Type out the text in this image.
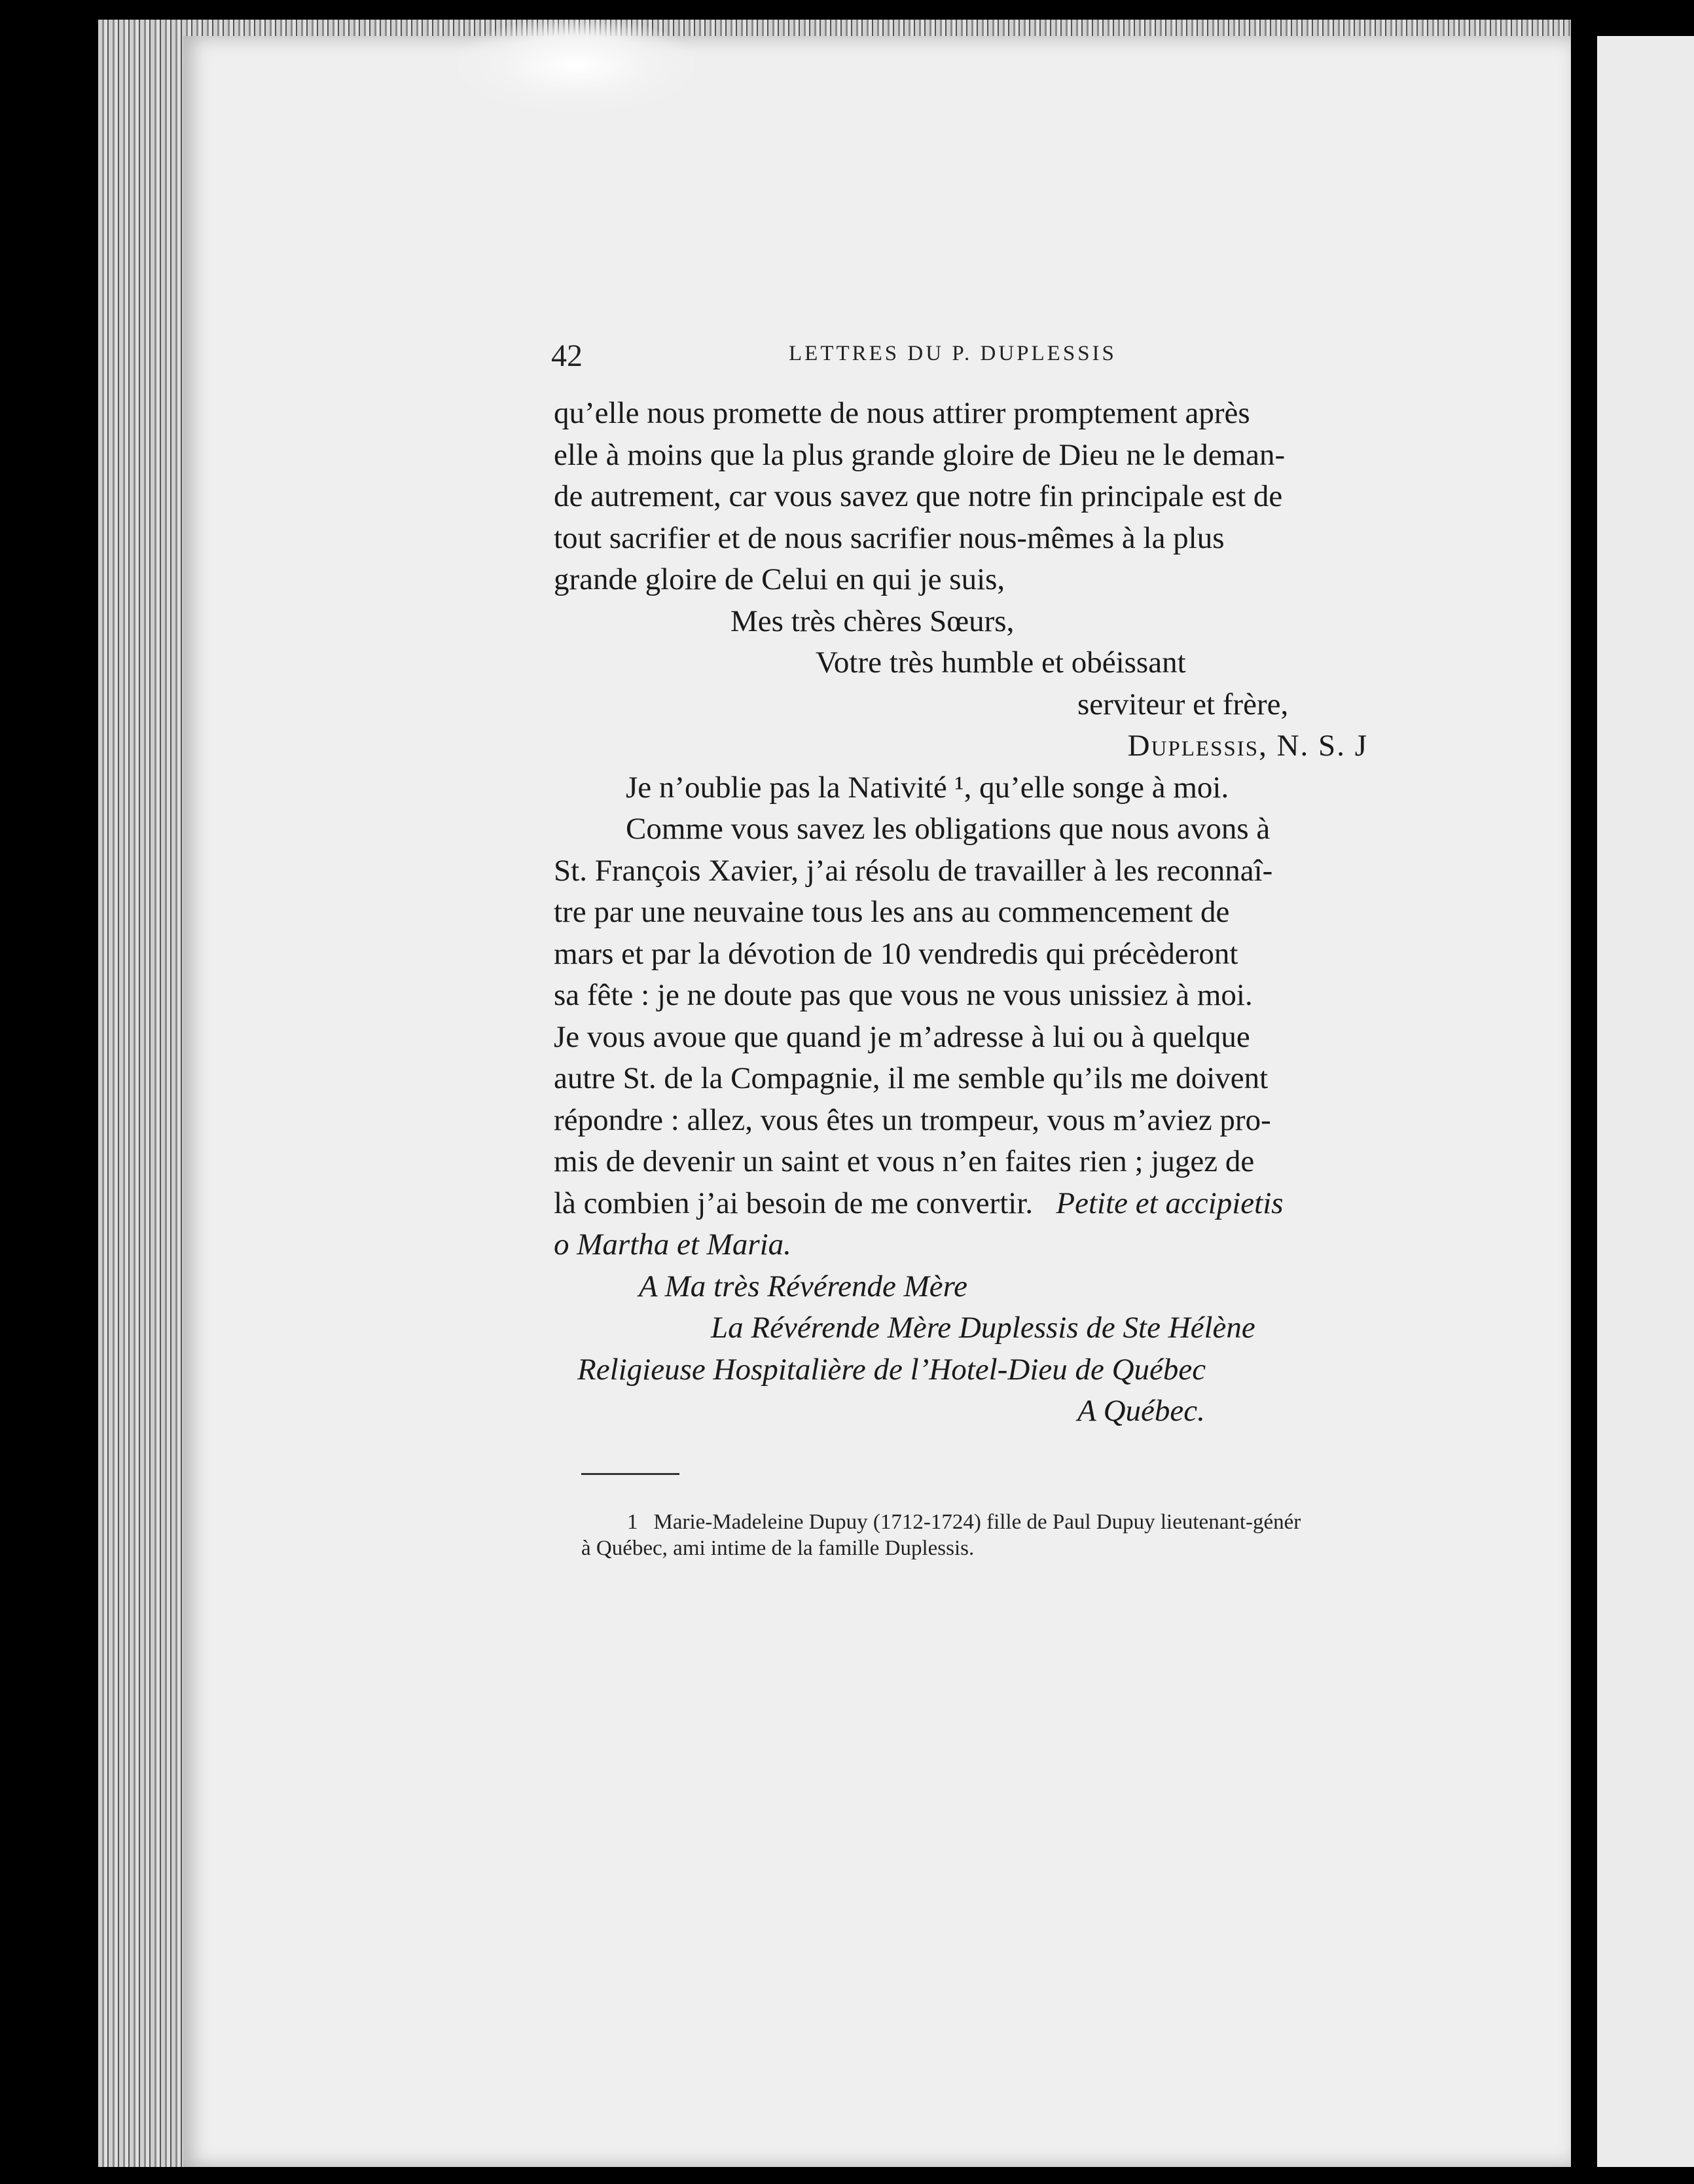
42	LETTRES DU P. DUPLESSIS

qu’elle nous promette de nous attirer promptement après

elle à moins que la plus grande gloire de Dieu ne le deman-

de autrement, car vous savez que notre fin principale est de

tout sacrifier et de nous sacrifier nous-mêmes à la plus

grande gloire de Celui en qui je suis,

Mes très chères Sœurs,

Votre très humble et obéissant

serviteur et frère,

Duplessis, N. S. J

Je n’oublie pas la Nativité ¹, qu’elle songe à moi.

Comme vous savez les obligations que nous avons à

St. François Xavier, j’ai résolu de travailler à les reconnaî-

tre par une neuvaine tous les ans au commencement de

mars et par la dévotion de 10 vendredis qui précèderont

sa fête : je ne doute pas que vous ne vous unissiez à moi.

Je vous avoue que quand je m’adresse à lui ou à quelque

autre St. de la Compagnie, il me semble qu’ils me doivent

répondre : allez, vous êtes un trompeur, vous m’aviez pro-

mis de devenir un saint et vous n’en faites rien ; jugez de

là combien j’ai besoin de me convertir. Petite et accipietis

o Martha et Maria.

A Ma très Révérende Mère

La Révérende Mère Duplessis de Ste Hélène

Religieuse Hospitalière de l’Hotel-Dieu de Québec

A Québec.

1 Marie-Madeleine Dupuy (1712-1724) fille de Paul Dupuy lieutenant-génér
à Québec, ami intime de la famille Duplessis.
